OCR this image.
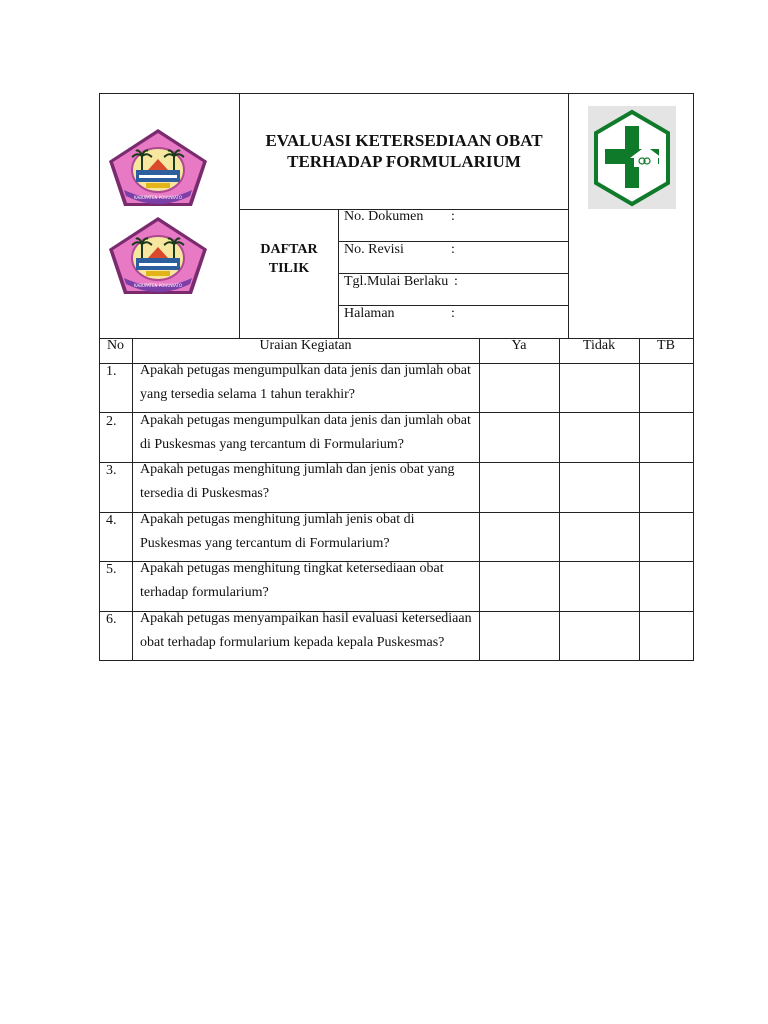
KABUPATEN POHUWATO
KABUPATEN POHUWATO
EVALUASI KETERSEDIAAN OBAT
TERHADAP FORMULARIUM
DAFTAR
TILIK
No. Dokumen :
No. Revisi	:
Tgl.Mulai Berlaku :
Halaman	:
No	Uraian Kegiatan	Ya	Tidak	TB
1. Apakah petugas mengumpulkan data jenis dan jumlah obat
yang tersedia selama 1 tahun terakhir?
2. Apakah petugas mengumpulkan data jenis dan jumlah obat
di Puskesmas yang tercantum di Formularium?
3. Apakah petugas menghitung jumlah dan jenis obat yang
tersedia di Puskesmas?
4. Apakah petugas menghitung jumlah jenis obat di
Puskesmas yang tercantum di Formularium?
5. Apakah petugas menghitung tingkat ketersediaan obat
terhadap formularium?
6. Apakah petugas menyampaikan hasil evaluasi ketersediaan
obat terhadap formularium kepada kepala Puskesmas?
